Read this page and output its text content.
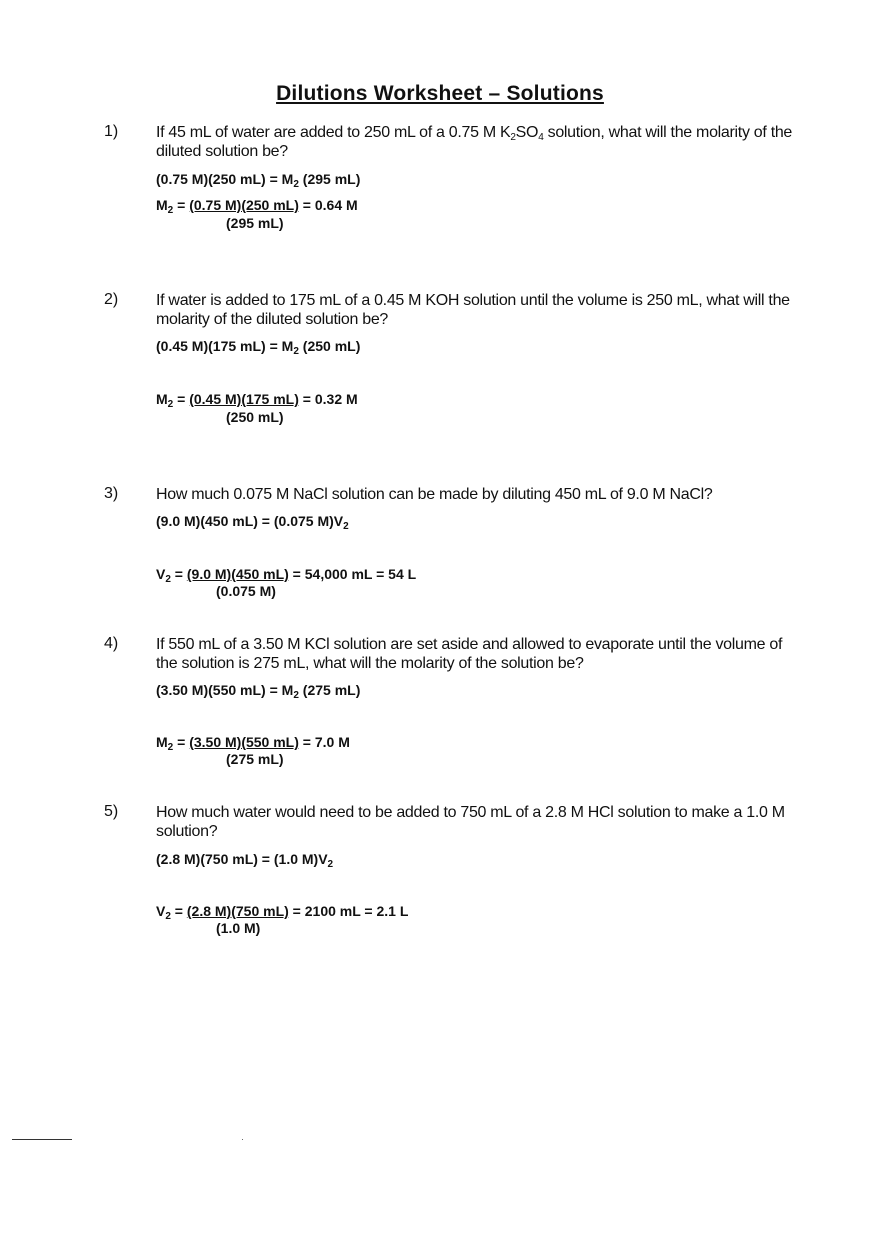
Dilutions Worksheet – Solutions
1) If 45 mL of water are added to 250 mL of a 0.75 M $K_2SO_4$ solution, what will the molarity of the diluted solution be?
(0.75 M)(250 $mL) = M_2$ (295 mL)
$M_2 = (0.75$ M)(250 mL) = 0.64 M
(295 mL)
2) If water is added to 175 mL of a 0.45 M KOH solution until the volume is 250 mL, what will the molarity of the diluted solution be?
(0.45 M)(175 $mL) = M_2$ (250 mL)
$M_2 = (0.45$ M)(175 mL) = 0.32 M
(250 mL)
3) How much 0.075 M NaCl solution can be made by diluting 450 mL of 9.0 M NaCl?
(9.0 M)(450 mL) = (0.075 $M)V_2$
$V_2 = (9.0$ M)(450 mL) = 54,000 mL = 54 L
(0.075 M)
4) If 550 mL of a 3.50 M KCl solution are set aside and allowed to evaporate until the volume of the solution is 275 mL, what will the molarity of the solution be?
(3.50 M)(550 $mL) = M_2$ (275 mL)
$M_2 = (3.50$ M)(550 mL) = 7.0 M
(275 mL)
5) How much water would need to be added to 750 mL of a 2.8 M HCl solution to make a 1.0 M solution?
(2.8 M)(750 mL) = (1.0 $M)V_2$
$V_2 = (2.8$ M)(750 mL) = 2100 mL = 2.1 L
(1.0 M)
